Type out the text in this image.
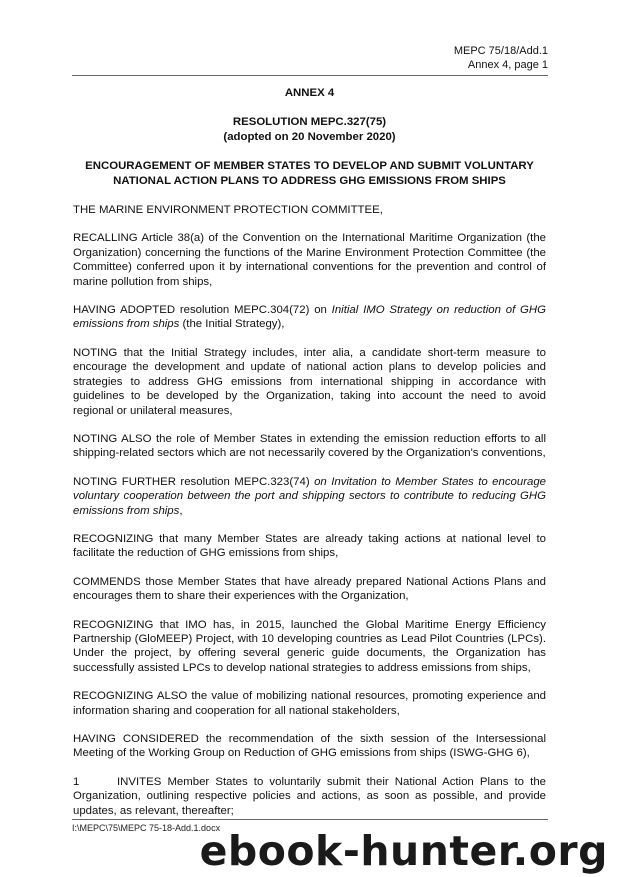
MEPC 75/18/Add.1
Annex 4, page 1

ANNEX 4

RESOLUTION MEPC.327(75)

(adopted on 20 November 2020)

ENCOURAGEMENT OF MEMBER STATES TO DEVELOP AND SUBMIT VOLUNTARY

NATIONAL ACTION PLANS TO ADDRESS GHG EMISSIONS FROM SHIPS

THE MARINE ENVIRONMENT PROTECTION COMMITTEE,

RECALLING Article 38(a) of the Convention on the International Maritime Organization (the Organization) concerning the functions of the Marine Environment Protection Committee (the Committee) conferred upon it by international conventions for the prevention and control of marine pollution from ships,

HAVING ADOPTED resolution MEPC.304(72) on Initial IMO Strategy on reduction of GHG emissions from ships (the Initial Strategy),

NOTING that the Initial Strategy includes, inter alia, a candidate short-term measure to encourage the development and update of national action plans to develop policies and strategies to address GHG emissions from international shipping in accordance with guidelines to be developed by the Organization, taking into account the need to avoid regional or unilateral measures,

NOTING ALSO the role of Member States in extending the emission reduction efforts to all shipping-related sectors which are not necessarily covered by the Organization's conventions,

NOTING FURTHER resolution MEPC.323(74) on Invitation to Member States to encourage voluntary cooperation between the port and shipping sectors to contribute to reducing GHG emissions from ships,

RECOGNIZING that many Member States are already taking actions at national level to facilitate the reduction of GHG emissions from ships,

COMMENDS those Member States that have already prepared National Actions Plans and encourages them to share their experiences with the Organization,

RECOGNIZING that IMO has, in 2015, launched the Global Maritime Energy Efficiency Partnership (GloMEEP) Project, with 10 developing countries as Lead Pilot Countries (LPCs). Under the project, by offering several generic guide documents, the Organization has successfully assisted LPCs to develop national strategies to address emissions from ships,

RECOGNIZING ALSO the value of mobilizing national resources, promoting experience and information sharing and cooperation for all national stakeholders,

HAVING CONSIDERED the recommendation of the sixth session of the Intersessional Meeting of the Working Group on Reduction of GHG emissions from ships (ISWG-GHG 6),

1	INVITES Member States to voluntarily submit their National Action Plans to the Organization, outlining respective policies and actions, as soon as possible, and provide updates, as relevant, thereafter;

I:\MEPC\75\MEPC 75-18-Add.1.docx
ebook-hunter.org
